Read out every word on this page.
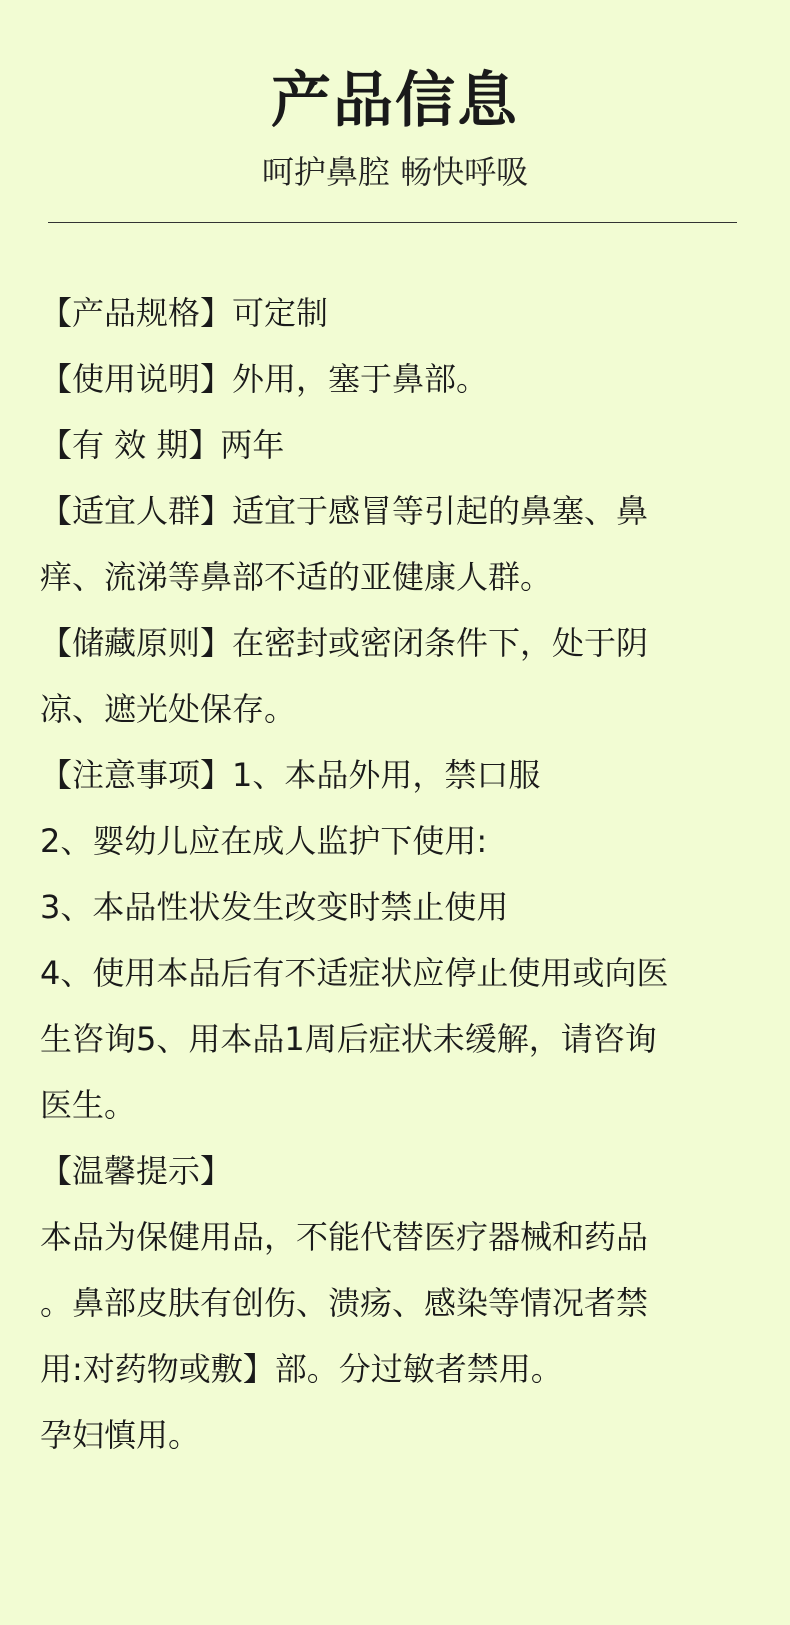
产品信息
呵护鼻腔 畅快呼吸

【产品规格】可定制

【使用说明】外用，塞于鼻部。

【有 效 期】两年

【适宜人群】适宜于感冒等引起的鼻塞、鼻

痒、流涕等鼻部不适的亚健康人群。

【储藏原则】在密封或密闭条件下，处于阴

凉、遮光处保存。

【注意事项】1、本品外用，禁口服

2、婴幼儿应在成人监护下使用:

3、本品性状发生改变时禁止使用

4、使用本品后有不适症状应停止使用或向医

生咨询5、用本品1周后症状未缓解，请咨询

医生。

【温馨提示】

本品为保健用品，不能代替医疗器械和药品

。鼻部皮肤有创伤、溃疡、感染等情况者禁

用:对药物或敷】部。分过敏者禁用。

孕妇慎用。
